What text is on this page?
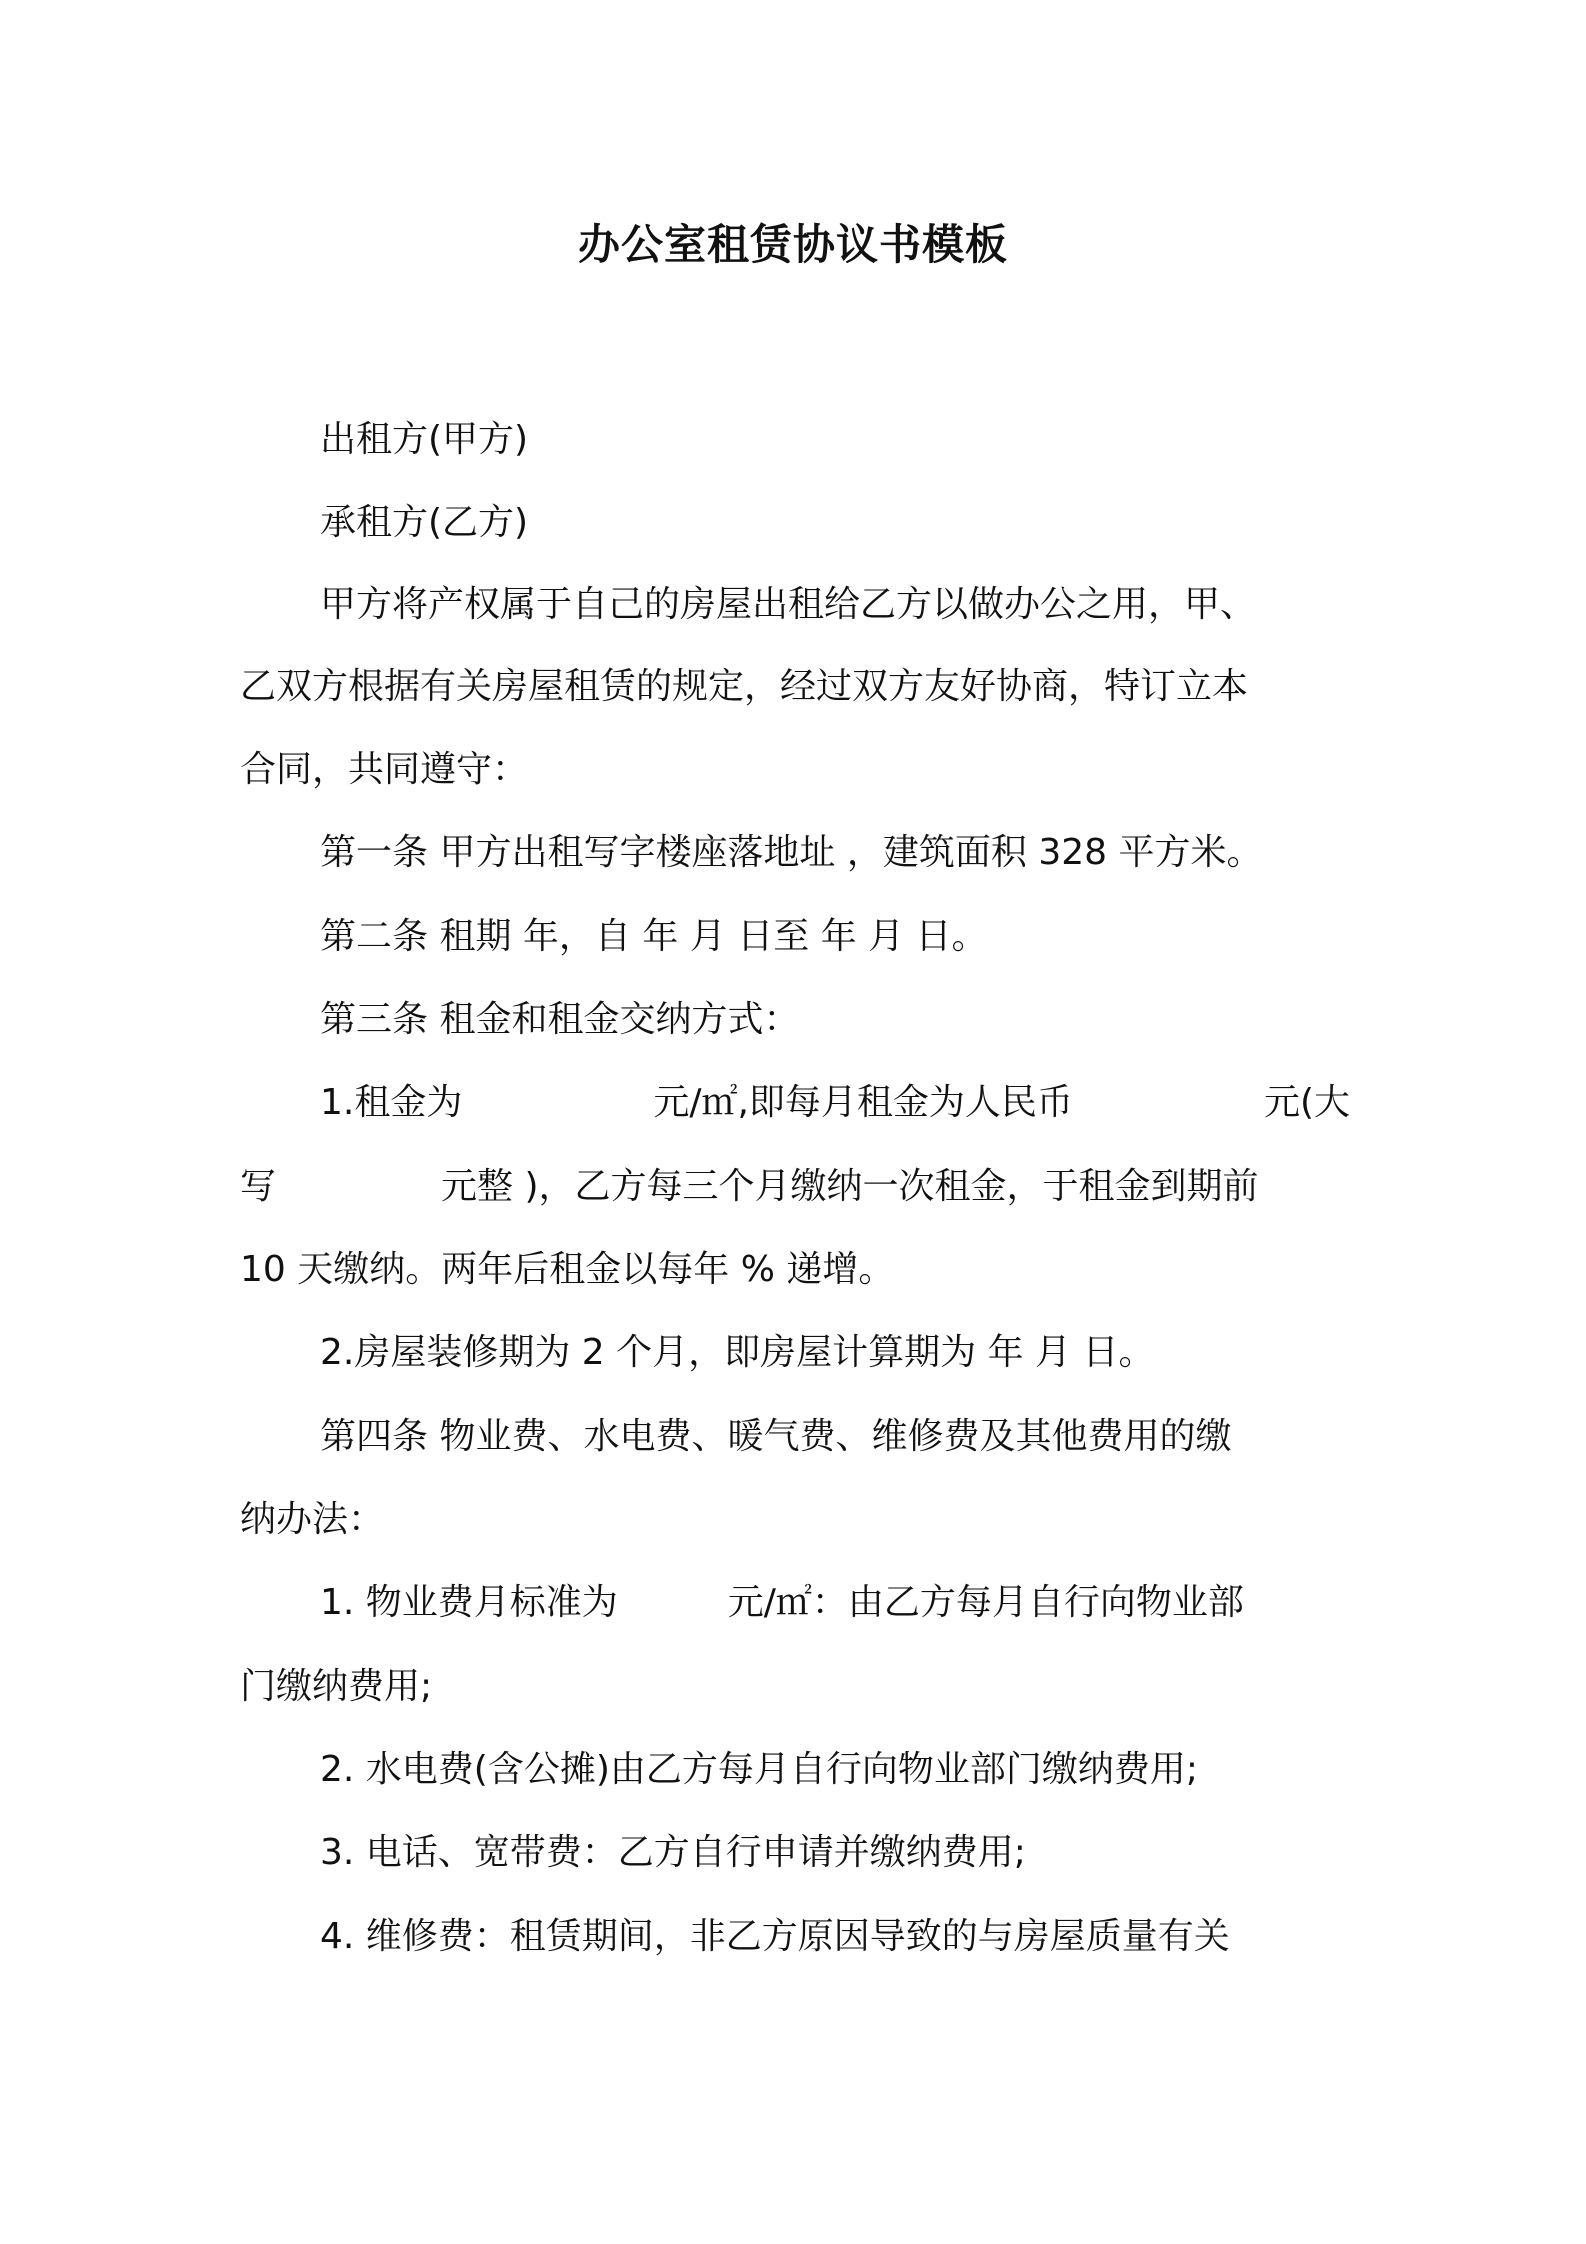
办公室租赁协议书模板
出租方(甲方)
承租方(乙方)
甲方将产权属于自己的房屋出租给乙方以做办公之用，甲、
乙双方根据有关房屋租赁的规定，经过双方友好协商，特订立本
合同，共同遵守：
第一条 甲方出租写字楼座落地址 ，建筑面积 328 平方米。
第二条 租期 年，自 年 月 日至 年 月 日。
第三条 租金和租金交纳方式：
1.租金为	元/㎡,即每月租金为人民币	元(大
写	元整 )，乙方每三个月缴纳一次租金，于租金到期前
10 天缴纳。两年后租金以每年 % 递增。
2.房屋装修期为 2 个月，即房屋计算期为 年 月 日。
第四条 物业费、水电费、暖气费、维修费及其他费用的缴
纳办法：
1. 物业费月标准为	元/㎡：由乙方每月自行向物业部
门缴纳费用;
2. 水电费(含公摊)由乙方每月自行向物业部门缴纳费用;
3. 电话、宽带费：乙方自行申请并缴纳费用;
4. 维修费：租赁期间，非乙方原因导致的与房屋质量有关
